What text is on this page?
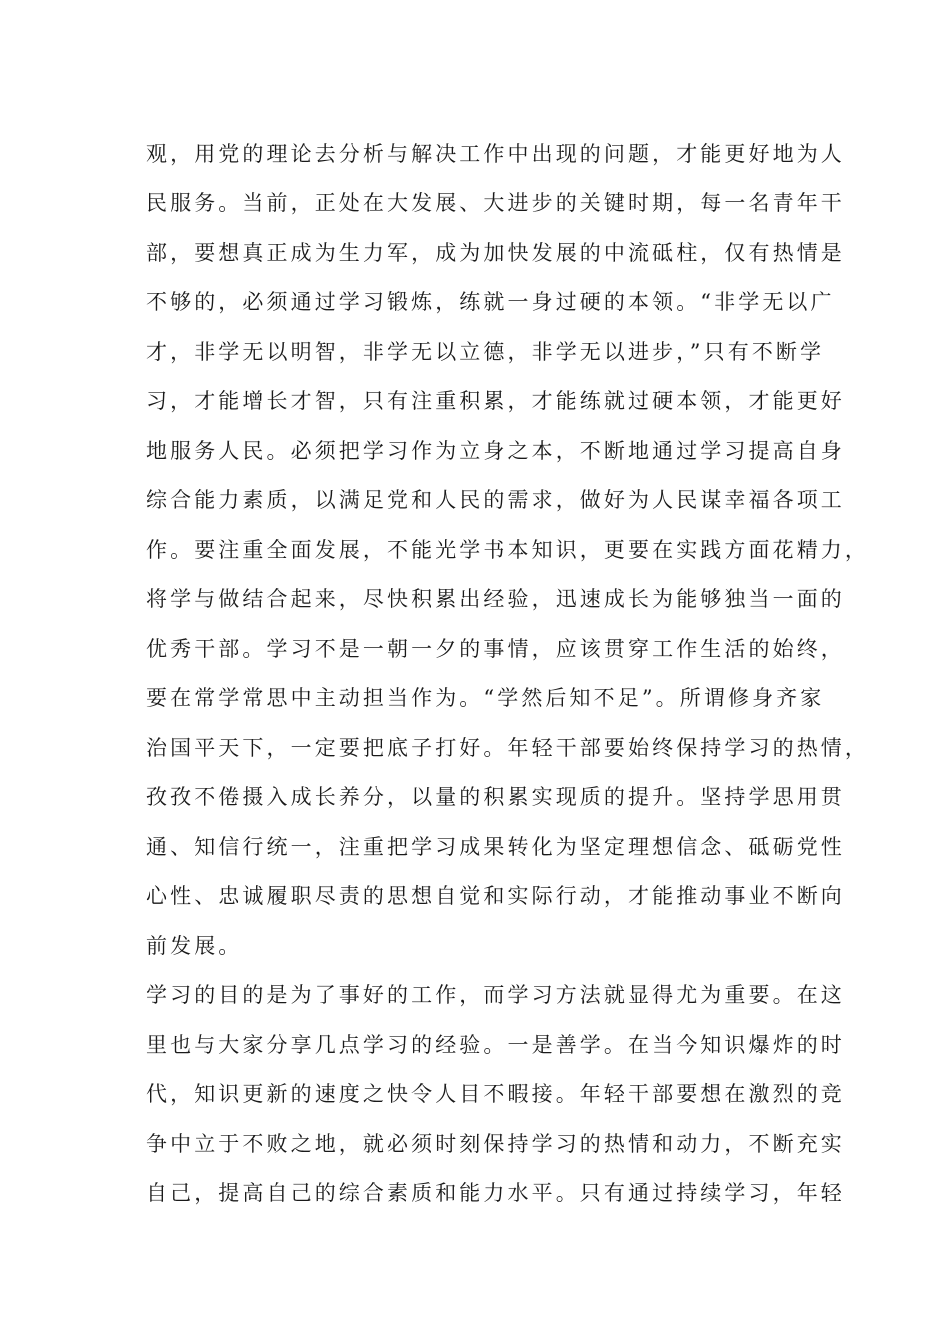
观，用党的理论去分析与解决工作中出现的问题，才能更好地为人
民服务。当前，正处在大发展、大进步的关键时期，每一名青年干
部，要想真正成为生力军，成为加快发展的中流砥柱，仅有热情是
不够的，必须通过学习锻炼，练就一身过硬的本领。“非学无以广
才，非学无以明智，非学无以立德，非学无以进步，”只有不断学
习，才能增长才智，只有注重积累，才能练就过硬本领，才能更好
地服务人民。必须把学习作为立身之本，不断地通过学习提高自身
综合能力素质，以满足党和人民的需求，做好为人民谋幸福各项工
作。要注重全面发展，不能光学书本知识，更要在实践方面花精力，
将学与做结合起来，尽快积累出经验，迅速成长为能够独当一面的
优秀干部。学习不是一朝一夕的事情，应该贯穿工作生活的始终，
要在常学常思中主动担当作为。“学然后知不足”。所谓修身齐家
治国平天下，一定要把底子打好。年轻干部要始终保持学习的热情，
孜孜不倦摄入成长养分，以量的积累实现质的提升。坚持学思用贯
通、知信行统一，注重把学习成果转化为坚定理想信念、砥砺党性
心性、忠诚履职尽责的思想自觉和实际行动，才能推动事业不断向
前发展。
学习的目的是为了事好的工作，而学习方法就显得尤为重要。在这
里也与大家分享几点学习的经验。一是善学。在当今知识爆炸的时
代，知识更新的速度之快令人目不暇接。年轻干部要想在激烈的竞
争中立于不败之地，就必须时刻保持学习的热情和动力，不断充实
自己，提高自己的综合素质和能力水平。只有通过持续学习，年轻
